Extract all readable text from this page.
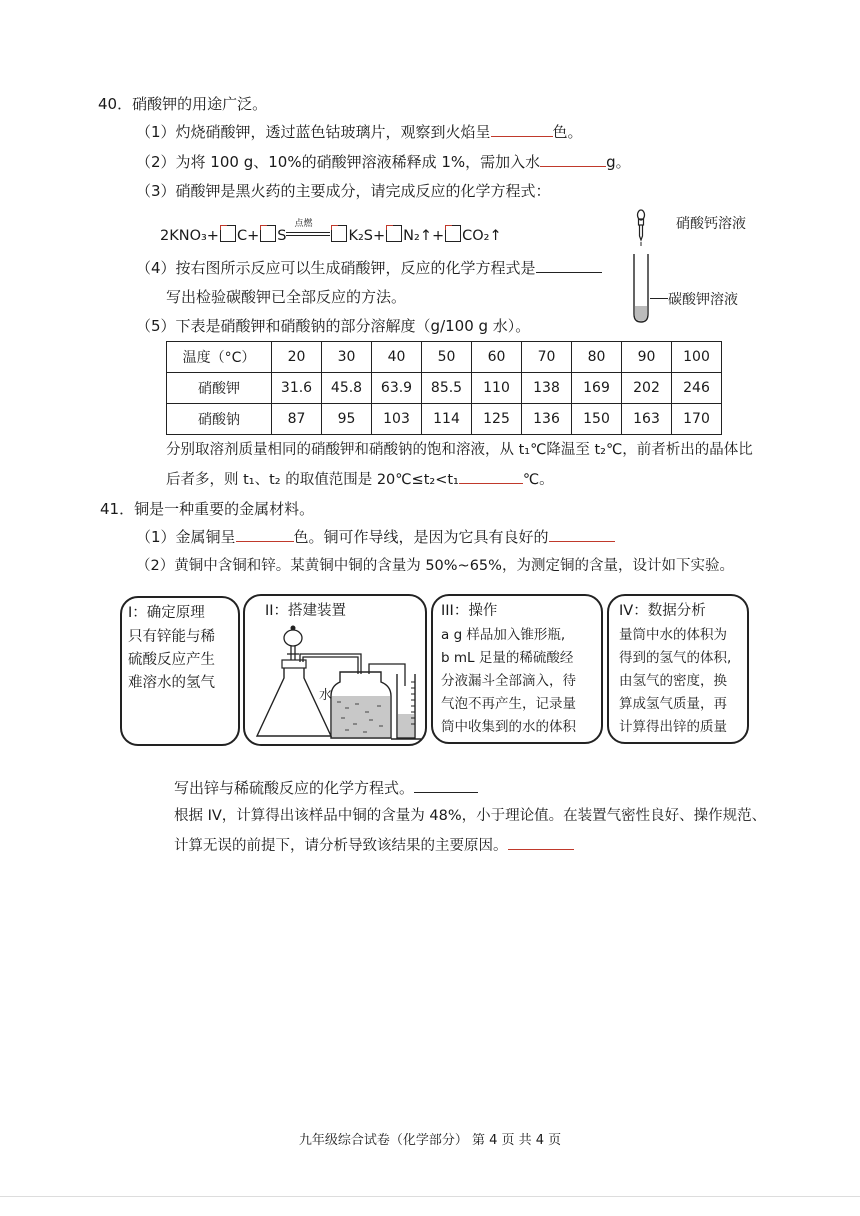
40．硝酸钾的用途广泛。
（1）灼烧硝酸钾，透过蓝色钴玻璃片，观察到火焰呈	色。
（2）为将 100 g、10%的硝酸钾溶液稀释成 1%，需加入水	g。
（3）硝酸钾是黑火药的主要成分，请完成反应的化学方程式：
2KNO₃+ C+ S
点燃
K₂S+ N₂↑+ CO₂↑
硝酸钙溶液
碳酸钾溶液
（4）按右图所示反应可以生成硝酸钾，反应的化学方程式是
写出检验碳酸钾已全部反应的方法。
（5）下表是硝酸钾和硝酸钠的部分溶解度（g/100 g 水）。
温度（°C）	20	30	40	50	60	70	80	90	100
硝酸钾	31.6	45.8	63.9	85.5	110	138	169	202	246
硝酸钠	87	95	103	114	125	136	150	163	170
分别取溶剂质量相同的硝酸钾和硝酸钠的饱和溶液，从 t₁℃降温至 t₂℃，前者析出的晶体比
后者多，则 t₁、t₂ 的取值范围是 20℃≤t₂<t₁	℃。
41．铜是一种重要的金属材料。
（1）金属铜呈	色。铜可作导线，是因为它具有良好的
（2）黄铜中含铜和锌。某黄铜中铜的含量为 50%~65%，为测定铜的含量，设计如下实验。
I：确定原理
只有锌能与稀
硫酸反应产生
难溶水的氢气
II：搭建装置
水
III：操作
a g 样品加入锥形瓶,
b mL 足量的稀硫酸经
分液漏斗全部滴入，待
气泡不再产生，记录量
筒中收集到的水的体积
IV：数据分析
量筒中水的体积为
得到的氢气的体积,
由氢气的密度，换
算成氢气质量，再
计算得出锌的质量
写出锌与稀硫酸反应的化学方程式。
根据 IV，计算得出该样品中铜的含量为 48%，小于理论值。在装置气密性良好、操作规范、
计算无误的前提下，请分析导致该结果的主要原因。
九年级综合试卷（化学部分） 第 4 页 共 4 页
